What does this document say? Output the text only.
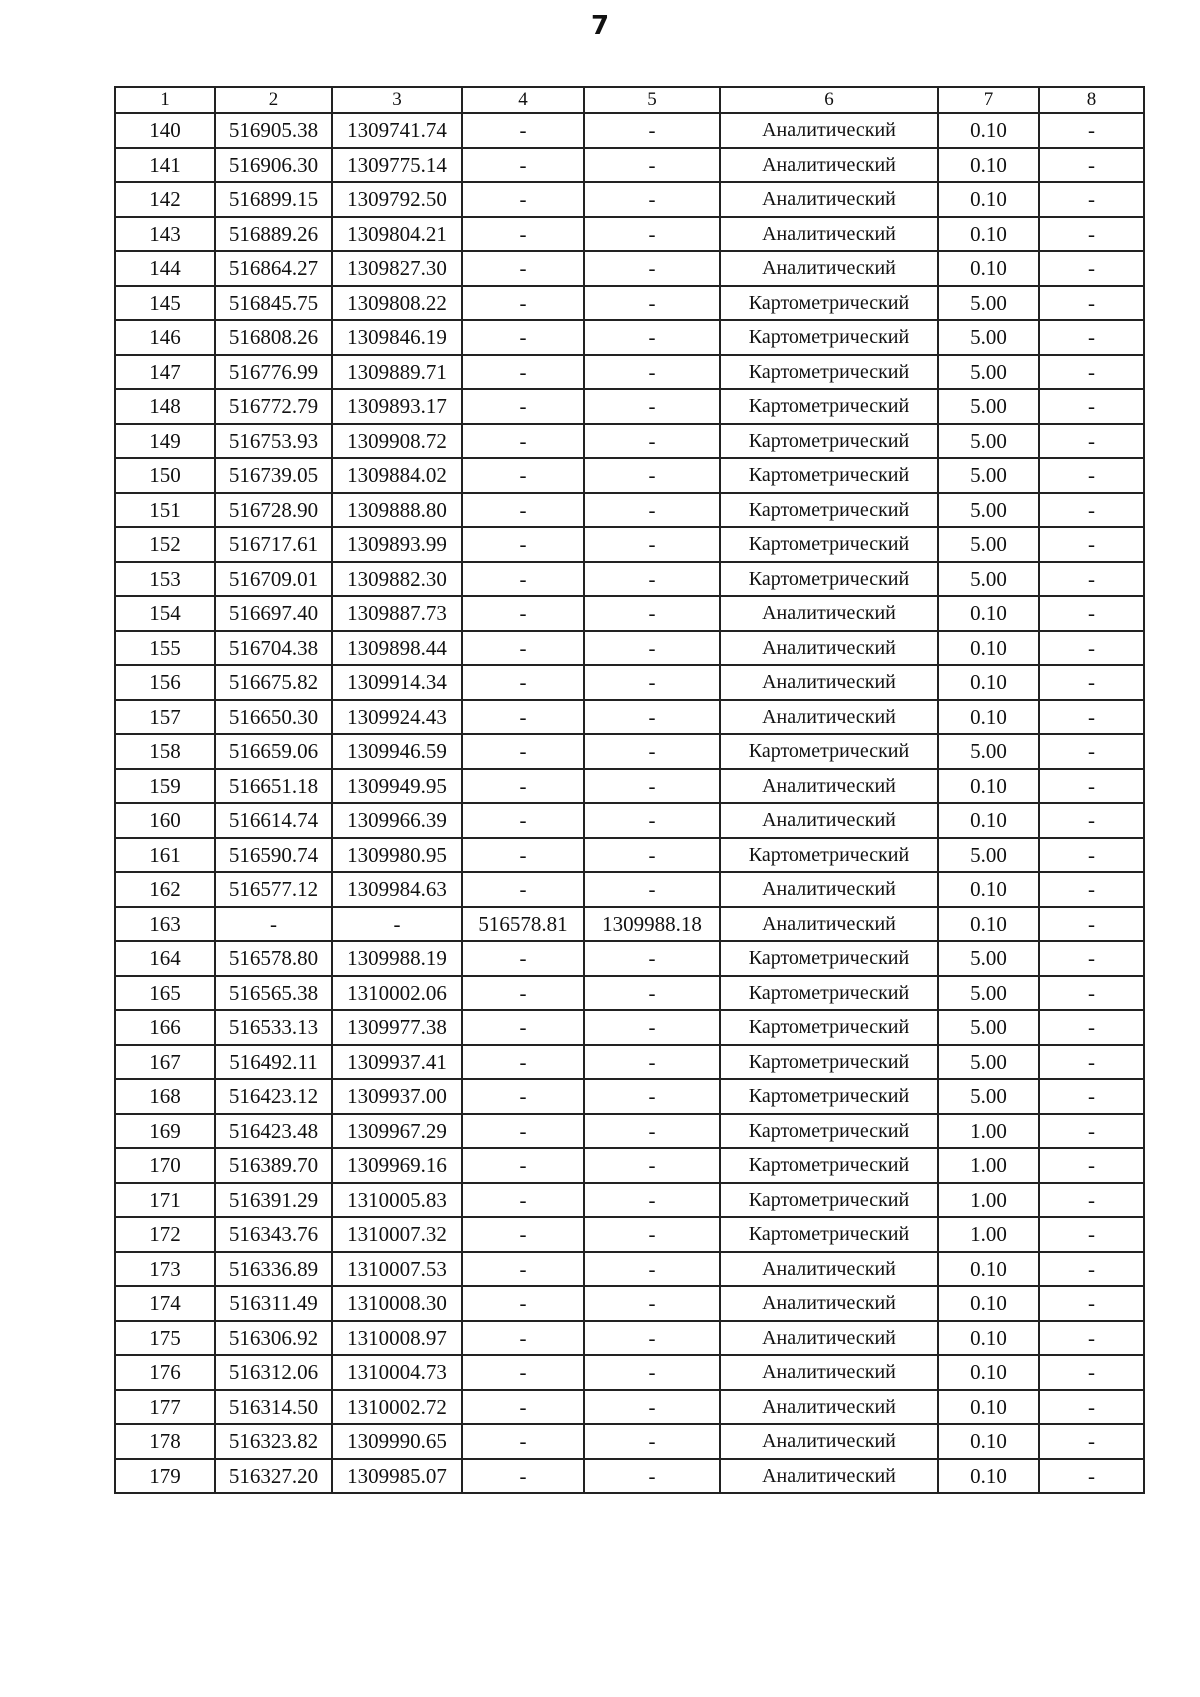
7
1	2	3	4	5	6	7	8
140	516905.38	1309741.74	-	-	Аналитический	0.10	-
141	516906.30	1309775.14	-	-	Аналитический	0.10	-
142	516899.15	1309792.50	-	-	Аналитический	0.10	-
143	516889.26	1309804.21	-	-	Аналитический	0.10	-
144	516864.27	1309827.30	-	-	Аналитический	0.10	-
145	516845.75	1309808.22	-	-	Картометрический	5.00	-
146	516808.26	1309846.19	-	-	Картометрический	5.00	-
147	516776.99	1309889.71	-	-	Картометрический	5.00	-
148	516772.79	1309893.17	-	-	Картометрический	5.00	-
149	516753.93	1309908.72	-	-	Картометрический	5.00	-
150	516739.05	1309884.02	-	-	Картометрический	5.00	-
151	516728.90	1309888.80	-	-	Картометрический	5.00	-
152	516717.61	1309893.99	-	-	Картометрический	5.00	-
153	516709.01	1309882.30	-	-	Картометрический	5.00	-
154	516697.40	1309887.73	-	-	Аналитический	0.10	-
155	516704.38	1309898.44	-	-	Аналитический	0.10	-
156	516675.82	1309914.34	-	-	Аналитический	0.10	-
157	516650.30	1309924.43	-	-	Аналитический	0.10	-
158	516659.06	1309946.59	-	-	Картометрический	5.00	-
159	516651.18	1309949.95	-	-	Аналитический	0.10	-
160	516614.74	1309966.39	-	-	Аналитический	0.10	-
161	516590.74	1309980.95	-	-	Картометрический	5.00	-
162	516577.12	1309984.63	-	-	Аналитический	0.10	-
163	-	-	516578.81	1309988.18	Аналитический	0.10	-
164	516578.80	1309988.19	-	-	Картометрический	5.00	-
165	516565.38	1310002.06	-	-	Картометрический	5.00	-
166	516533.13	1309977.38	-	-	Картометрический	5.00	-
167	516492.11	1309937.41	-	-	Картометрический	5.00	-
168	516423.12	1309937.00	-	-	Картометрический	5.00	-
169	516423.48	1309967.29	-	-	Картометрический	1.00	-
170	516389.70	1309969.16	-	-	Картометрический	1.00	-
171	516391.29	1310005.83	-	-	Картометрический	1.00	-
172	516343.76	1310007.32	-	-	Картометрический	1.00	-
173	516336.89	1310007.53	-	-	Аналитический	0.10	-
174	516311.49	1310008.30	-	-	Аналитический	0.10	-
175	516306.92	1310008.97	-	-	Аналитический	0.10	-
176	516312.06	1310004.73	-	-	Аналитический	0.10	-
177	516314.50	1310002.72	-	-	Аналитический	0.10	-
178	516323.82	1309990.65	-	-	Аналитический	0.10	-
179	516327.20	1309985.07	-	-	Аналитический	0.10	-
